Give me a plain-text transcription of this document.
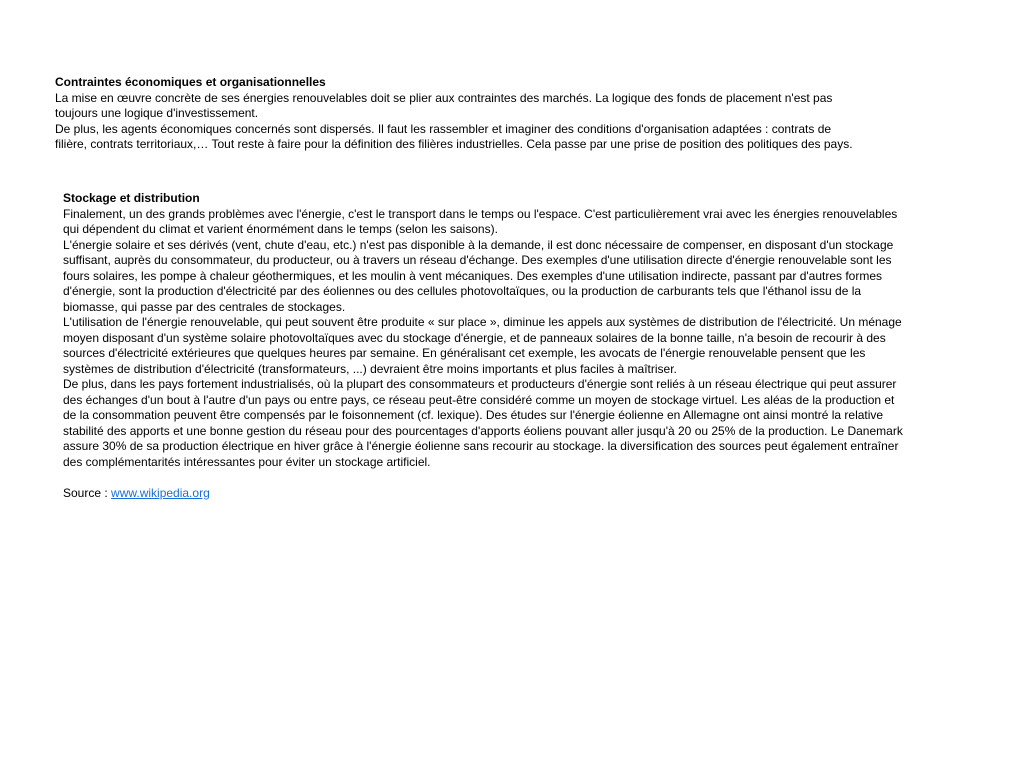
Contraintes économiques et organisationnelles
La mise en œuvre concrète de ses énergies renouvelables doit se plier aux contraintes des marchés. La logique des fonds de placement n'est pas
toujours une logique d'investissement.
De plus, les agents économiques concernés sont dispersés. Il faut les rassembler et imaginer des conditions d'organisation adaptées : contrats de
filière, contrats territoriaux,… Tout reste à faire pour la définition des filières industrielles. Cela passe par une prise de position des politiques des pays.
Stockage et distribution
Finalement, un des grands problèmes avec l'énergie, c'est le transport dans le temps ou l'espace. C'est particulièrement vrai avec les énergies renouvelables
qui dépendent du climat et varient énormément dans le temps (selon les saisons).
L'énergie solaire et ses dérivés (vent, chute d'eau, etc.) n'est pas disponible à la demande, il est donc nécessaire de compenser, en disposant d'un stockage
suffisant, auprès du consommateur, du producteur, ou à travers un réseau d'échange. Des exemples d'une utilisation directe d'énergie renouvelable sont les
fours solaires, les pompe à chaleur géothermiques, et les moulin à vent mécaniques. Des exemples d'une utilisation indirecte, passant par d'autres formes
d'énergie, sont la production d'électricité par des éoliennes ou des cellules photovoltaïques, ou la production de carburants tels que l'éthanol issu de la
biomasse, qui passe par des centrales de stockages.
L'utilisation de l'énergie renouvelable, qui peut souvent être produite « sur place », diminue les appels aux systèmes de distribution de l'électricité. Un ménage
moyen disposant d'un système solaire photovoltaïques avec du stockage d'énergie, et de panneaux solaires de la bonne taille, n'a besoin de recourir à des
sources d'électricité extérieures que quelques heures par semaine. En généralisant cet exemple, les avocats de l'énergie renouvelable pensent que les
systèmes de distribution d'électricité (transformateurs, ...) devraient être moins importants et plus faciles à maîtriser.
De plus, dans les pays fortement industrialisés, où la plupart des consommateurs et producteurs d'énergie sont reliés à un réseau électrique qui peut assurer
des échanges d'un bout à l'autre d'un pays ou entre pays, ce réseau peut-être considéré comme un moyen de stockage virtuel. Les aléas de la production et
de la consommation peuvent être compensés par le foisonnement (cf. lexique). Des études sur l'énergie éolienne en Allemagne ont ainsi montré la relative
stabilité des apports et une bonne gestion du réseau pour des pourcentages d'apports éoliens pouvant aller jusqu'à 20 ou 25% de la production. Le Danemark
assure 30% de sa production électrique en hiver grâce à l'énergie éolienne sans recourir au stockage. la diversification des sources peut également entraîner
des complémentarités intéressantes pour éviter un stockage artificiel.
Source : www.wikipedia.org
